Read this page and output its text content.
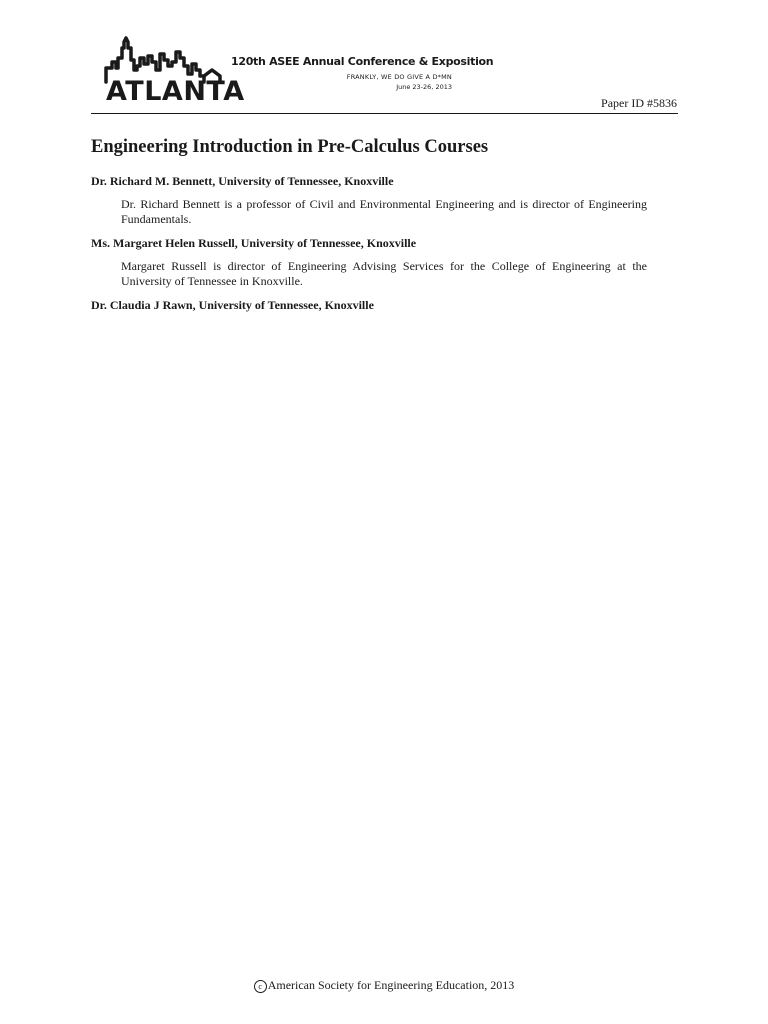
ATLANTA
120th ASEE Annual Conference & Exposition
FRANKLY, WE DO GIVE A D*MN
June 23-26, 2013
Paper ID #5836
Engineering Introduction in Pre-Calculus Courses

Dr. Richard M. Bennett, University of Tennessee, Knoxville

Dr. Richard Bennett is a professor of Civil and Environmental Engineering and is director of Engineering Fundamentals.

Ms. Margaret Helen Russell, University of Tennessee, Knoxville

Margaret Russell is director of Engineering Advising Services for the College of Engineering at the University of Tennessee in Knoxville.

Dr. Claudia J Rawn, University of Tennessee, Knoxville

c American Society for Engineering Education, 2013
